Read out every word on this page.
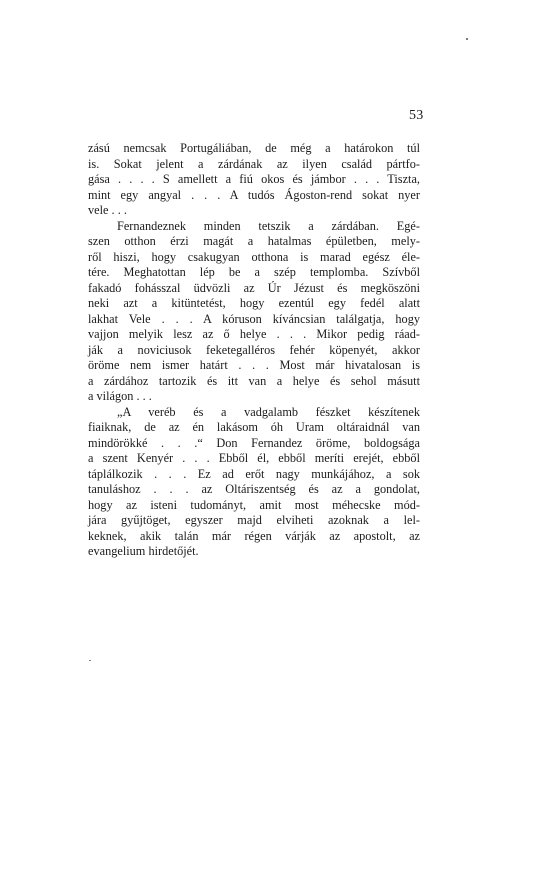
53
zású nemcsak Portugáliában, de még a határokon túl
is. Sokat jelent a zárdának az ilyen család pártfo-
gása . . . . S amellett a fiú okos és jámbor . . . Tiszta,
mint egy angyal . . . A tudós Ágoston-rend sokat nyer
vele . . .
Fernandeznek minden tetszik a zárdában. Egé-
szen otthon érzi magát a hatalmas épületben, mely-
ről hiszi, hogy csakugyan otthona is marad egész éle-
tére. Meghatottan lép be a szép templomba. Szívből
fakadó fohásszal üdvözli az Úr Jézust és megköszöni
neki azt a kitüntetést, hogy ezentúl egy fedél alatt
lakhat Vele . . . A kóruson kíváncsian találgatja, hogy
vajjon melyik lesz az ő helye . . . Mikor pedig ráad-
ják a noviciusok feketegalléros fehér köpenyét, akkor
öröme nem ismer határt . . . Most már hivatalosan is
a zárdához tartozik és itt van a helye és sehol másutt
a világon . . .
„A veréb és a vadgalamb fészket készítenek
fiaiknak, de az én lakásom óh Uram oltáraidnál van
mindörökké . . .“ Don Fernandez öröme, boldogsága
a szent Kenyér . . . Ebből él, ebből meríti erejét, ebből
táplálkozik . . . Ez ad erőt nagy munkájához, a sok
tanuláshoz . . . az Oltáriszentség és az a gondolat,
hogy az isteni tudományt, amit most méhecske mód-
jára gyűjtöget, egyszer majd elviheti azoknak a lel-
keknek, akik talán már régen várják az apostolt, az
evangelium hirdetőjét.
